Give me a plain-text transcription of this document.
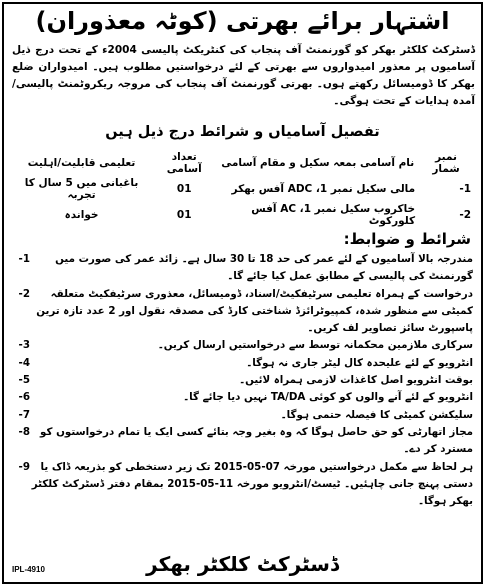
اشتہار برائے بھرتی (کوٹہ معذوران)
ڈسٹرکٹ کلکٹر بھکر کو گورنمنٹ آف پنجاب کی کنٹریکٹ پالیسی 2004ء کے تحت درج ذیل آسامیوں پر معذور امیدواروں سے بھرتی کے لئے درخواستیں مطلوب ہیں۔ امیدواران ضلع بھکر کا ڈومیسائل رکھتے ہوں۔ بھرتی گورنمنٹ آف پنجاب کی مروجہ ریکروٹمنٹ پالیسی/آمدہ ہدایات کے تحت ہوگی۔
تفصیل آسامیاں و شرائط درج ذیل ہیں
نمبر شمار	نام آسامی بمعہ سکیل و مقام آسامی	تعداد آسامی	تعلیمی قابلیت/اہلیت
1-	مالی سکیل نمبر 1، ADC آفس بھکر	01	باغبانی میں 5 سال کا تجربہ
2-	خاکروب سکیل نمبر 1، AC آفس کلورکوٹ	01	خواندہ
شرائط و ضوابط:
1-	مندرجہ بالا آسامیوں کے لئے عمر کی حد 18 تا 30 سال ہے۔ زائد عمر کی صورت میں گورنمنٹ کی پالیسی کے مطابق عمل کیا جائے گا۔
2-	درخواست کے ہمراہ تعلیمی سرٹیفکیٹ/اسناد، ڈومیسائل، معذوری سرٹیفکیٹ متعلقہ کمیٹی سے منظور شدہ، کمپیوٹرائزڈ شناختی کارڈ کی مصدقہ نقول اور 2 عدد تازہ ترین پاسپورٹ سائز تصاویر لف کریں۔
3-	سرکاری ملازمین محکمانہ توسط سے درخواستیں ارسال کریں۔
4-	انٹرویو کے لئے علیحدہ کال لیٹر جاری نہ ہوگا۔
5-	بوقت انٹرویو اصل کاغذات لازمی ہمراہ لائیں۔
6-	انٹرویو کے لئے آنے والوں کو کوئی TA/DA نہیں دیا جائے گا۔
7-	سلیکشن کمیٹی کا فیصلہ حتمی ہوگا۔
8- مجاز اتھارٹی کو حق حاصل ہوگا کہ وہ بغیر وجہ بتائے کسی ایک یا تمام درخواستوں کو مسترد کر دے۔
9-	ہر لحاظ سے مکمل درخواستیں مورخہ 07-05-2015 تک زیر دستخطی کو بذریعہ ڈاک یا دستی پہنچ جانی چاہئیں۔ ٹیسٹ/انٹرویو مورخہ 11-05-2015 بمقام دفتر ڈسٹرکٹ کلکٹر بھکر ہوگا۔
ڈسٹرکٹ کلکٹر بھکر
IPL-4910
